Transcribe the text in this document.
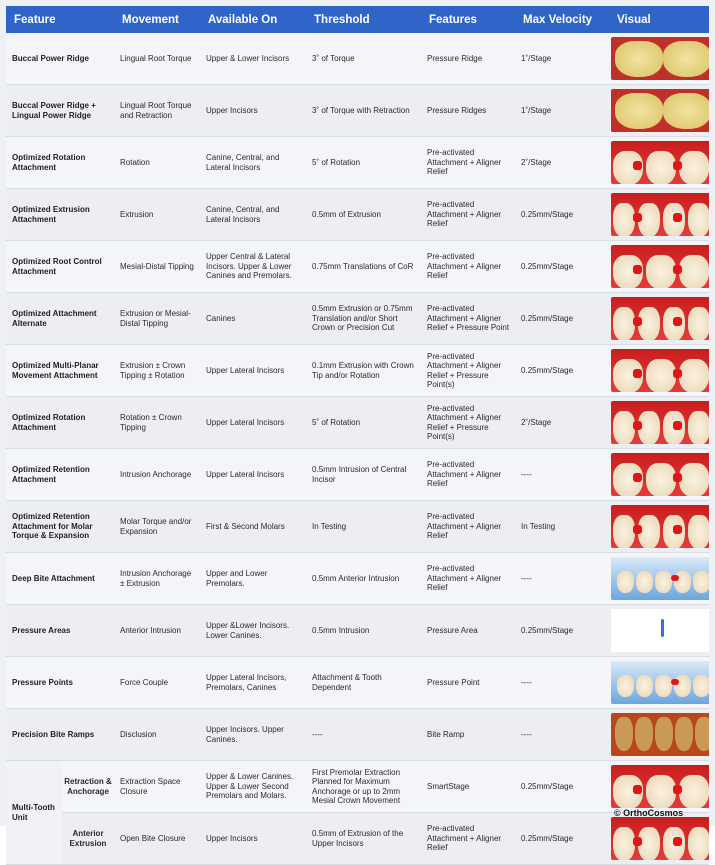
Feature		Movement	Available On	Threshold	Features	Max Velocity	Visual
Buccal Power Ridge		Lingual Root Torque	Upper & Lower Incisors	3˚ of Torque	Pressure Ridge	1˚/Stage	

Buccal Power Ridge + Lingual Power Ridge		Lingual Root Torque and Retraction	Upper Incisors	3˚ of Torque with Retraction	Pressure Ridges	1˚/Stage	

Optimized Rotation Attachment		Rotation	Canine, Central, and Lateral Incisors	5˚ of Rotation	Pre-activated Attachment + Aligner Relief	2˚/Stage	

Optimized Extrusion Attachment		Extrusion	Canine, Central, and Lateral Incisors	0.5mm of Extrusion	Pre-activated Attachment + Aligner Relief	0.25mm/Stage	

Optimized Root Control Attachment		Mesial-Distal Tipping	Upper Central & Lateral Incisors. Upper & Lower Canines and Premolars.	0.75mm Translations of CoR	Pre-activated Attachment + Aligner Relief	0.25mm/Stage	

Optimized Attachment Alternate		Extrusion or Mesial-Distal Tipping	Canines	0.5mm Extrusion or 0.75mm Translation and/or Short Crown or Precision Cut	Pre-activated Attachment + Aligner Relief + Pressure Point	0.25mm/Stage	

Optimized Multi-Planar Movement Attachment		Extrusion ± Crown Tipping ± Rotation	Upper Lateral Incisors	0.1mm Extrusion with Crown Tip and/or Rotation	Pre-activated Attachment + Aligner Relief + Pressure Point(s)	0.25mm/Stage	

Optimized Rotation Attachment		Rotation ± Crown Tipping	Upper Lateral Incisors	5˚ of Rotation	Pre-activated Attachment + Aligner Relief + Pressure Point(s)	2˚/Stage	

Optimized Retention Attachment		Intrusion Anchorage	Upper Lateral Incisors	0.5mm Intrusion of Central Incisor	Pre-activated Attachment + Aligner Relief	----	

Optimized Retention Attachment for Molar Torque & Expansion		Molar Torque and/or Expansion	First & Second Molars	In Testing	Pre-activated Attachment + Aligner Relief	In Testing	

Deep Bite Attachment		Intrusion Anchorage ± Extrusion	Upper and Lower Premolars.	0.5mm Anterior Intrusion	Pre-activated Attachment + Aligner Relief	----	

Pressure Areas		Anterior Intrusion	Upper &Lower Incisors. Lower Canines.	0.5mm Intrusion	Pressure Area	0.25mm/Stage	

Pressure Points		Force Couple	Upper Lateral Incisors, Premolars, Canines	Attachment & Tooth Dependent	Pressure Point	----	

Precision Bite Ramps		Disclusion	Upper Incisors. Upper Canines.	----	Bite Ramp	----	

Multi-Tooth Unit	Retraction & Anchorage	Extraction Space Closure	Upper & Lower Canines. Upper & Lower Second Premolars and Molars.	First Premolar Extraction Planned for Maximum Anchorage or up to 2mm Mesial Crown Movement	SmartStage	0.25mm/Stage	

	Anterior Extrusion	Open Bite Closure	Upper Incisors	0.5mm of Extrusion of the Upper Incisors	Pre-activated Attachment + Aligner Relief	0.25mm/Stage	
© OrthoCosmos
